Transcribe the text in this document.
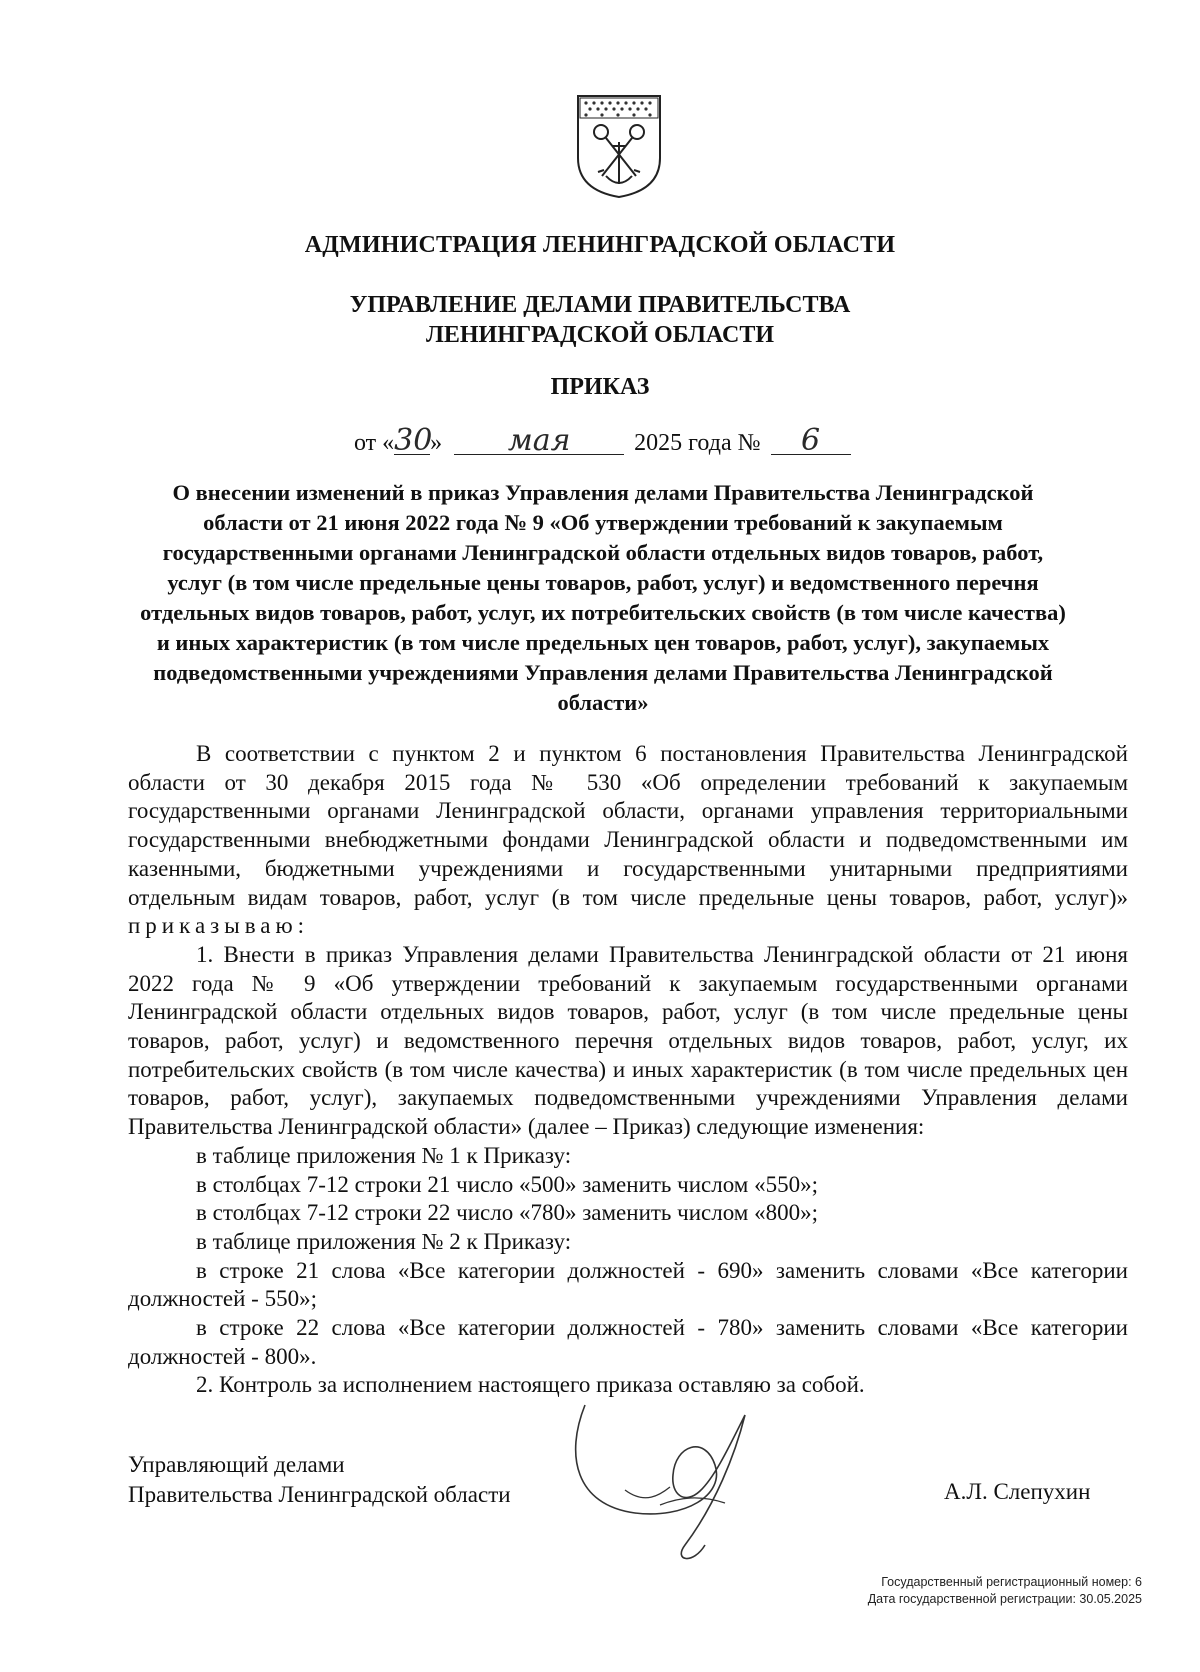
АДМИНИСТРАЦИЯ ЛЕНИНГРАДСКОЙ ОБЛАСТИ
УПРАВЛЕНИЕ ДЕЛАМИ ПРАВИТЕЛЬСТВА
ЛЕНИНГРАДСКОЙ ОБЛАСТИ
ПРИКАЗ
от «30» мая	2025 года № 6
О внесении изменений в приказ Управления делами Правительства Ленинградской области от 21 июня 2022 года № 9 «Об утверждении требований к закупаемым государственными органами Ленинградской области отдельных видов товаров, работ, услуг (в том числе предельные цены товаров, работ, услуг) и ведомственного перечня отдельных видов товаров, работ, услуг, их потребительских свойств (в том числе качества) и иных характеристик (в том числе предельных цен товаров, работ, услуг), закупаемых подведомственными учреждениями Управления делами Правительства Ленинградской области»

В соответствии с пунктом 2 и пунктом 6 постановления Правительства Ленинградской области от 30 декабря 2015 года № 530 «Об определении требований к закупаемым государственными органами Ленинградской области, органами управления территориальными государственными внебюджетными фондами Ленинградской области и подведомственными им казенными, бюджетными учреждениями и государственными унитарными предприятиями отдельным видам товаров, работ, услуг (в том числе предельные цены товаров, работ, услуг)» приказываю:

1. Внести в приказ Управления делами Правительства Ленинградской области от 21 июня 2022 года № 9 «Об утверждении требований к закупаемым государственными органами Ленинградской области отдельных видов товаров, работ, услуг (в том числе предельные цены товаров, работ, услуг) и ведомственного перечня отдельных видов товаров, работ, услуг, их потребительских свойств (в том числе качества) и иных характеристик (в том числе предельных цен товаров, работ, услуг), закупаемых подведомственными учреждениями Управления делами Правительства Ленинградской области» (далее – Приказ) следующие изменения:

в таблице приложения № 1 к Приказу:

в столбцах 7-12 строки 21 число «500» заменить числом «550»;

в столбцах 7-12 строки 22 число «780» заменить числом «800»;

в таблице приложения № 2 к Приказу:

в строке 21 слова «Все категории должностей - 690» заменить словами «Все категории должностей - 550»;

в строке 22 слова «Все категории должностей - 780» заменить словами «Все категории должностей - 800».

2. Контроль за исполнением настоящего приказа оставляю за собой.

Управляющий делами
Правительства Ленинградской области	А.Л. Слепухин
Государственный регистрационный номер: 6
Дата государственной регистрации: 30.05.2025
